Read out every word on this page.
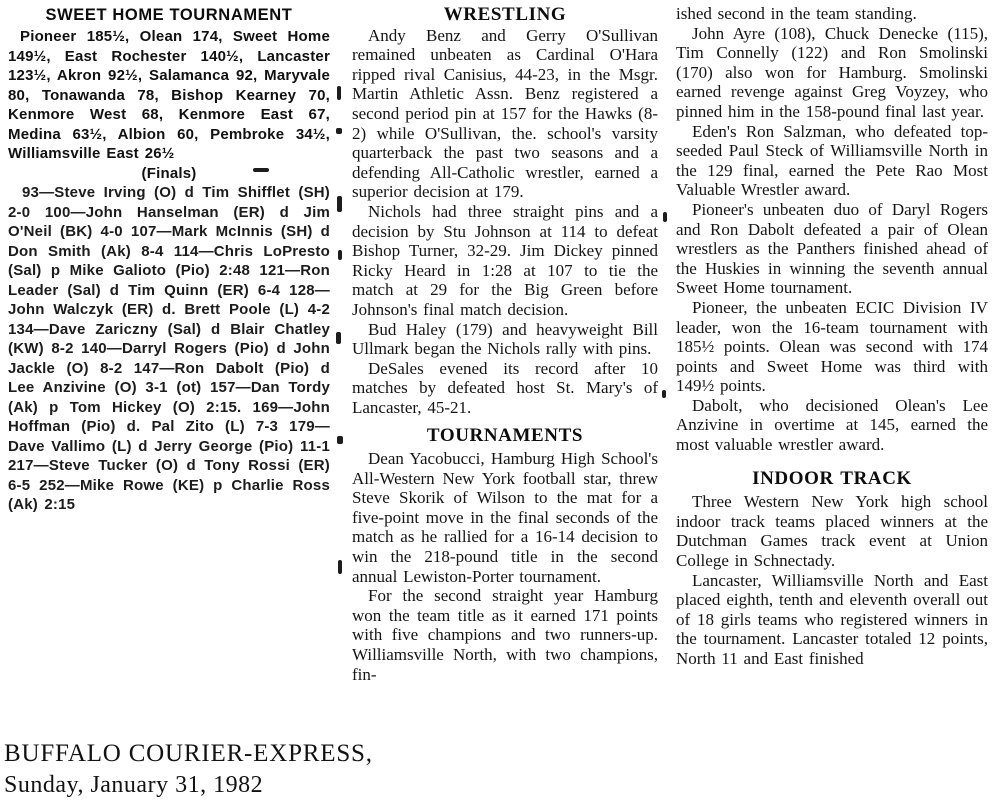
SWEET HOME TOURNAMENT

Pioneer 185½, Olean 174, Sweet Home 149½, East Rochester 140½, Lancaster 123½, Akron 92½, Salamanca 92, Maryvale 80, Tonawanda 78, Bishop Kearney 70, Kenmore West 68, Kenmore East 67, Medina 63½, Albion 60, Pembroke 34½, Williamsville East 26½

(Finals)

93—Steve Irving (O) d Tim Shifflet (SH) 2-0 100—John Hanselman (ER) d Jim O'Neil (BK) 4-0 107—Mark McInnis (SH) d Don Smith (Ak) 8-4 114—Chris LoPresto (Sal) p Mike Galioto (Pio) 2:48 121—Ron Leader (Sal) d Tim Quinn (ER) 6-4 128—John Walczyk (ER) d. Brett Poole (L) 4-2 134—Dave Zariczny (Sal) d Blair Chatley (KW) 8-2 140—Darryl Rogers (Pio) d John Jackle (O) 8-2 147—Ron Dabolt (Pio) d Lee Anzivine (O) 3-1 (ot) 157—Dan Tordy (Ak) p Tom Hickey (O) 2:15. 169—John Hoffman (Pio) d. Pal Zito (L) 7-3 179—Dave Vallimo (L) d Jerry George (Pio) 11-1 217—Steve Tucker (O) d Tony Rossi (ER) 6-5 252—Mike Rowe (KE) p Charlie Ross (Ak) 2:15

WRESTLING

Andy Benz and Gerry O'Sullivan remained unbeaten as Cardinal O'Hara ripped rival Canisius, 44-23, in the Msgr. Martin Athletic Assn. Benz registered a second period pin at 157 for the Hawks (8-2) while O'Sullivan, the. school's varsity quarterback the past two seasons and a defending All-Catholic wrestler, earned a superior decision at 179.

Nichols had three straight pins and a decision by Stu Johnson at 114 to defeat Bishop Turner, 32-29. Jim Dickey pinned Ricky Heard in 1:28 at 107 to tie the match at 29 for the Big Green before Johnson's final match decision.

Bud Haley (179) and heavyweight Bill Ullmark began the Nichols rally with pins.

DeSales evened its record after 10 matches by defeated host St. Mary's of Lancaster, 45-21.

TOURNAMENTS

Dean Yacobucci, Hamburg High School's All-Western New York football star, threw Steve Skorik of Wilson to the mat for a five-point move in the final seconds of the match as he rallied for a 16-14 decision to win the 218-pound title in the second annual Lewiston-Porter tournament.

For the second straight year Hamburg won the team title as it earned 171 points with five champions and two runners-up. Williamsville North, with two champions, fin-

ished second in the team standing.

John Ayre (108), Chuck Denecke (115), Tim Connelly (122) and Ron Smolinski (170) also won for Hamburg. Smolinski earned revenge against Greg Voyzey, who pinned him in the 158-pound final last year.

Eden's Ron Salzman, who defeated top-seeded Paul Steck of Williamsville North in the 129 final, earned the Pete Rao Most Valuable Wrestler award.

Pioneer's unbeaten duo of Daryl Rogers and Ron Dabolt defeated a pair of Olean wrestlers as the Panthers finished ahead of the Huskies in winning the seventh annual Sweet Home tournament.

Pioneer, the unbeaten ECIC Division IV leader, won the 16-team tournament with 185½ points. Olean was second with 174 points and Sweet Home was third with 149½ points.

Dabolt, who decisioned Olean's Lee Anzivine in overtime at 145, earned the most valuable wrestler award.

INDOOR TRACK

Three Western New York high school indoor track teams placed winners at the Dutchman Games track event at Union College in Schnectady.

Lancaster, Williamsville North and East placed eighth, tenth and eleventh overall out of 18 girls teams who registered winners in the tournament. Lancaster totaled 12 points, North 11 and East finished

BUFFALO COURIER-EXPRESS,
Sunday, January 31, 1982
